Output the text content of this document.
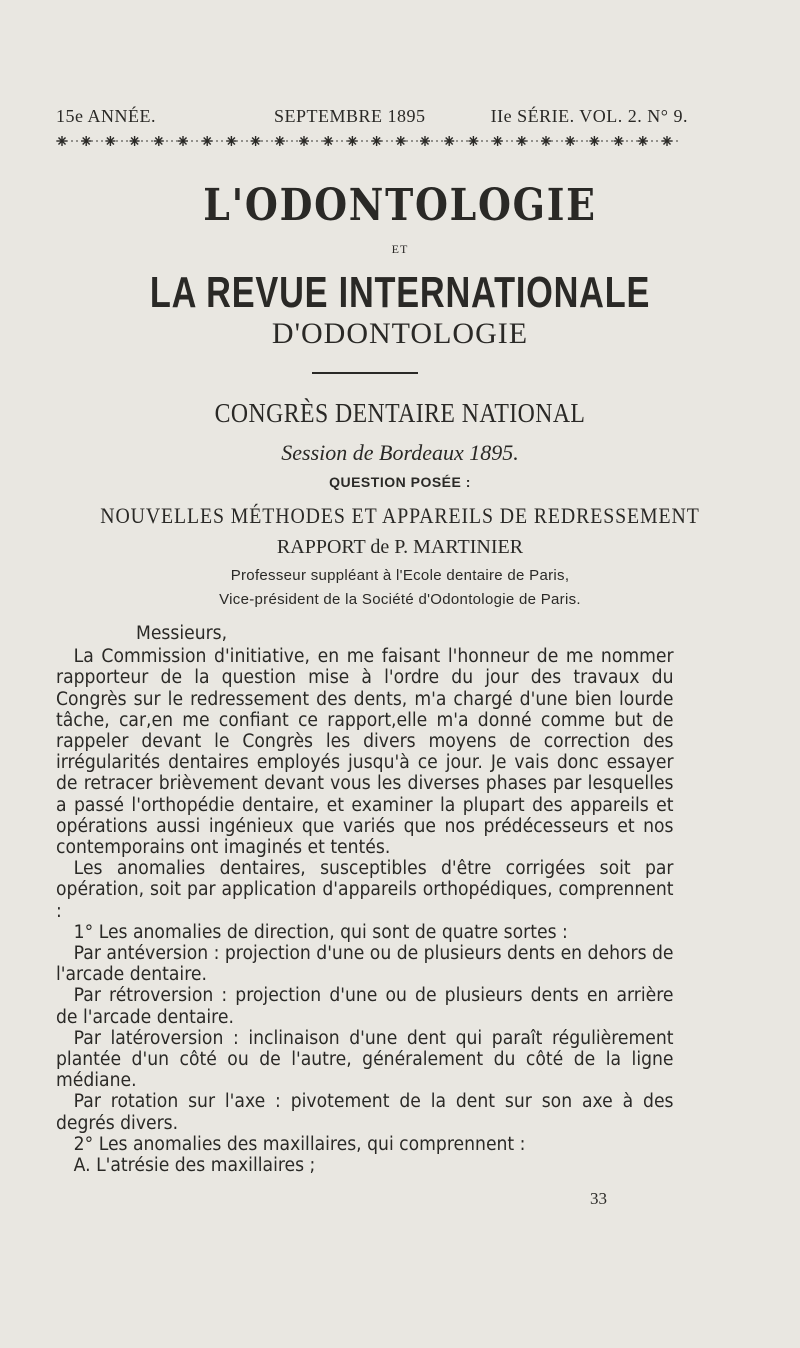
15e ANNÉE.	SEPTEMBRE 1895	IIe SÉRIE. VOL. 2. N° 9.
L'ODONTOLOGIE
ET
LA REVUE INTERNATIONALE
D'ODONTOLOGIE
CONGRÈS DENTAIRE NATIONAL
Session de Bordeaux 1895.
QUESTION POSÉE :
NOUVELLES MÉTHODES ET APPAREILS DE REDRESSEMENT
RAPPORT de P. MARTINIER
Professeur suppléant à l'Ecole dentaire de Paris,
Vice-président de la Société d'Odontologie de Paris.

Messieurs,

La Commission d'initiative, en me faisant l'honneur de me nommer rapporteur de la question mise à l'ordre du jour des travaux du Congrès sur le redressement des dents, m'a chargé d'une bien lourde tâche, car,en me confiant ce rapport,elle m'a donné comme but de rappeler devant le Congrès les divers moyens de correction des irrégularités dentaires employés jusqu'à ce jour. Je vais donc essayer de retracer brièvement devant vous les diverses phases par lesquelles a passé l'orthopédie dentaire, et examiner la plupart des appareils et opérations aussi ingénieux que variés que nos prédécesseurs et nos contemporains ont imaginés et tentés.

Les anomalies dentaires, susceptibles d'être corrigées soit par opération, soit par application d'appareils orthopédiques, comprennent :

1° Les anomalies de direction, qui sont de quatre sortes :

Par antéversion : projection d'une ou de plusieurs dents en dehors de l'arcade dentaire.

Par rétroversion : projection d'une ou de plusieurs dents en arrière de l'arcade dentaire.

Par latéroversion : inclinaison d'une dent qui paraît régulièrement plantée d'un côté ou de l'autre, généralement du côté de la ligne médiane.

Par rotation sur l'axe : pivotement de la dent sur son axe à des degrés divers.

2° Les anomalies des maxillaires, qui comprennent :

A. L'atrésie des maxillaires ;

33
